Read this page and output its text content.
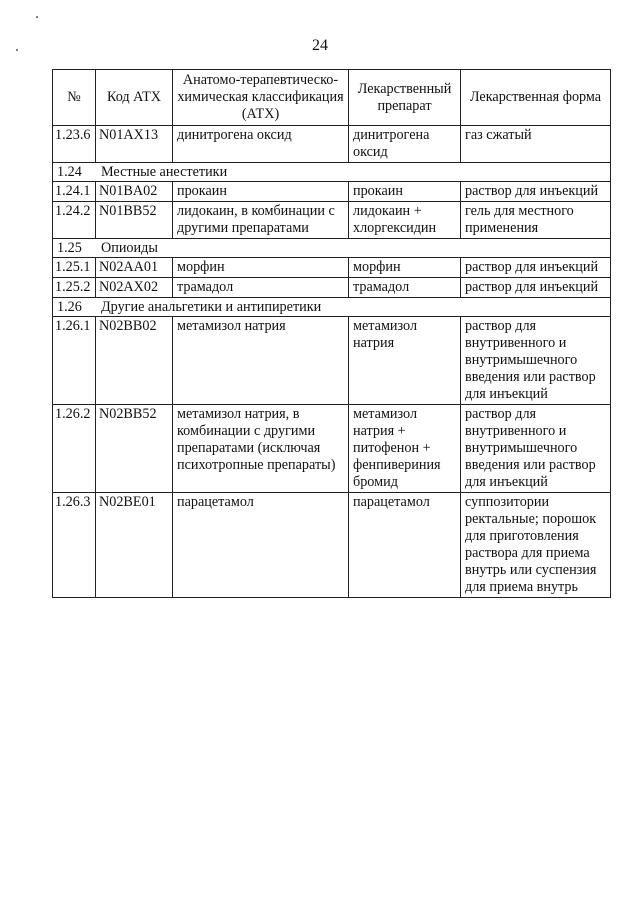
24
№	Код АТХ	Анатомо-терапевтическо-химическая классификация (АТХ)	Лекарственный препарат	Лекарственная форма
1.23.6	N01AX13	динитрогена оксид	динитрогена оксид	газ сжатый
1.24 Местные анестетики				
1.24.1	N01BA02	прокаин	прокаин	раствор для инъекций
1.24.2	N01BB52	лидокаин, в комбинации с другими препаратами	лидокаин + хлоргексидин	гель для местного применения
1.25 Опиоиды				
1.25.1	N02AA01	морфин	морфин	раствор для инъекций
1.25.2	N02AX02	трамадол	трамадол	раствор для инъекций
1.26 Другие анальгетики и антипиретики				
1.26.1	N02BB02	метамизол натрия	метамизол натрия	раствор для внутривенного и внутримышечного введения или раствор для инъекций
1.26.2	N02BB52	метамизол натрия, в комбинации с другими препаратами (исключая психотропные препараты)	метамизол натрия + питофенон + фенпивериния бромид	раствор для внутривенного и внутримышечного введения или раствор для инъекций
1.26.3	N02BE01	парацетамол	парацетамол	суппозитории ректальные; порошок для приготовления раствора для приема внутрь или суспензия для приема внутрь
